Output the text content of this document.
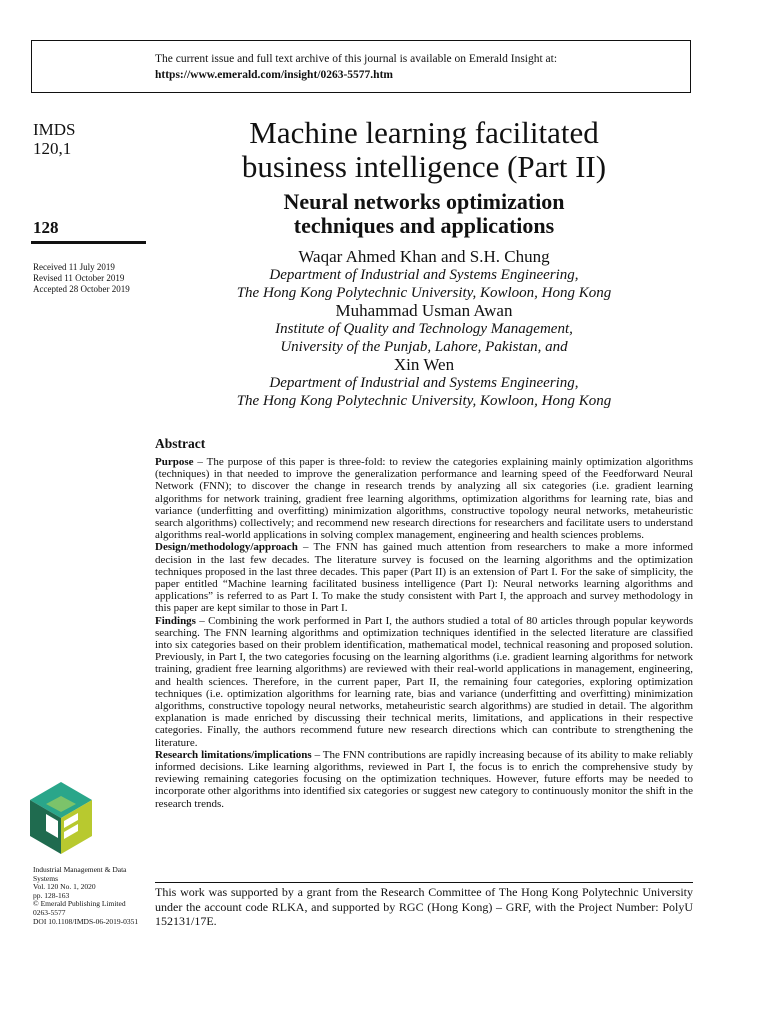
The current issue and full text archive of this journal is available on Emerald Insight at:
https://www.emerald.com/insight/0263-5577.htm
IMDS
120,1
128
Received 11 July 2019
Revised 11 October 2019
Accepted 28 October 2019
Machine learning facilitated
business intelligence (Part II)
Neural networks optimization
techniques and applications

Waqar Ahmed Khan and S.H. Chung

Department of Industrial and Systems Engineering,

The Hong Kong Polytechnic University, Kowloon, Hong Kong

Muhammad Usman Awan

Institute of Quality and Technology Management,

University of the Punjab, Lahore, Pakistan, and

Xin Wen

Department of Industrial and Systems Engineering,

The Hong Kong Polytechnic University, Kowloon, Hong Kong

Abstract

Purpose – The purpose of this paper is three-fold: to review the categories explaining mainly optimization algorithms (techniques) in that needed to improve the generalization performance and learning speed of the Feedforward Neural Network (FNN); to discover the change in research trends by analyzing all six categories (i.e. gradient learning algorithms for network training, gradient free learning algorithms, optimization algorithms for learning rate, bias and variance (underfitting and overfitting) minimization algorithms, constructive topology neural networks, metaheuristic search algorithms) collectively; and recommend new research directions for researchers and facilitate users to understand algorithms real-world applications in solving complex management, engineering and health sciences problems.

Design/methodology/approach – The FNN has gained much attention from researchers to make a more informed decision in the last few decades. The literature survey is focused on the learning algorithms and the optimization techniques proposed in the last three decades. This paper (Part II) is an extension of Part I. For the sake of simplicity, the paper entitled “Machine learning facilitated business intelligence (Part I): Neural networks learning algorithms and applications” is referred to as Part I. To make the study consistent with Part I, the approach and survey methodology in this paper are kept similar to those in Part I.

Findings – Combining the work performed in Part I, the authors studied a total of 80 articles through popular keywords searching. The FNN learning algorithms and optimization techniques identified in the selected literature are classified into six categories based on their problem identification, mathematical model, technical reasoning and proposed solution. Previously, in Part I, the two categories focusing on the learning algorithms (i.e. gradient learning algorithms for network training, gradient free learning algorithms) are reviewed with their real-world applications in management, engineering, and health sciences. Therefore, in the current paper, Part II, the remaining four categories, exploring optimization techniques (i.e. optimization algorithms for learning rate, bias and variance (underfitting and overfitting) minimization algorithms, constructive topology neural networks, metaheuristic search algorithms) are studied in detail. The algorithm explanation is made enriched by discussing their technical merits, limitations, and applications in their respective categories. Finally, the authors recommend future new research directions which can contribute to strengthening the literature.

Research limitations/implications – The FNN contributions are rapidly increasing because of its ability to make reliably informed decisions. Like learning algorithms, reviewed in Part I, the focus is to enrich the comprehensive study by reviewing remaining categories focusing on the optimization techniques. However, future efforts may be needed to incorporate other algorithms into identified six categories or suggest new category to continuously monitor the shift in the research trends.

Industrial Management & Data
Systems
Vol. 120 No. 1, 2020
pp. 128-163
© Emerald Publishing Limited
0263-5577
DOI 10.1108/IMDS-06-2019-0351
This work was supported by a grant from the Research Committee of The Hong Kong Polytechnic University under the account code RLKA, and supported by RGC (Hong Kong) – GRF, with the Project Number: PolyU 152131/17E.
